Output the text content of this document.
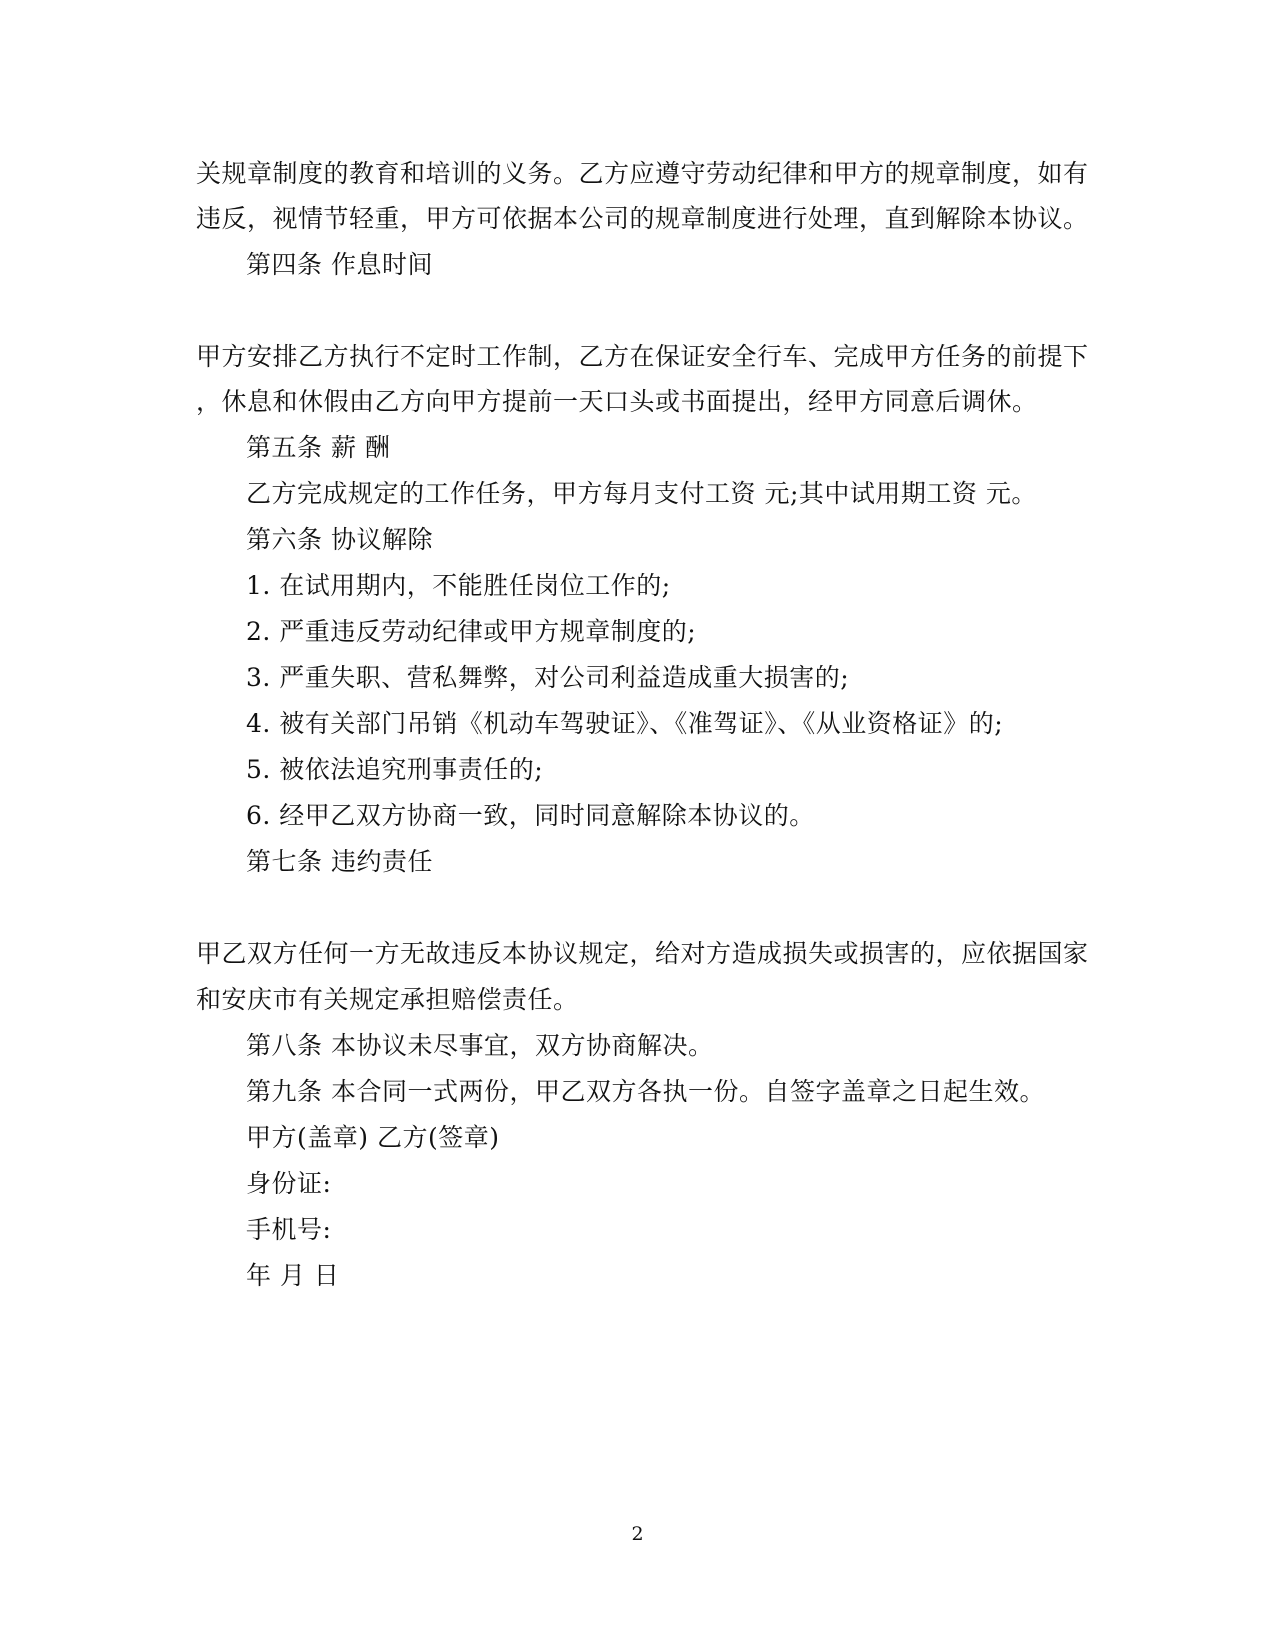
关规章制度的教育和培训的义务。乙方应遵守劳动纪律和甲方的规章制度，如有
违反，视情节轻重，甲方可依据本公司的规章制度进行处理，直到解除本协议。
第四条 作息时间
甲方安排乙方执行不定时工作制，乙方在保证安全行车、完成甲方任务的前提下
，休息和休假由乙方向甲方提前一天口头或书面提出，经甲方同意后调休。
第五条 薪 酬
乙方完成规定的工作任务，甲方每月支付工资 元;其中试用期工资 元。
第六条 协议解除
1. 在试用期内，不能胜任岗位工作的;
2. 严重违反劳动纪律或甲方规章制度的;
3. 严重失职、营私舞弊，对公司利益造成重大损害的;
4. 被有关部门吊销《机动车驾驶证》、《准驾证》、《从业资格证》的;
5. 被依法追究刑事责任的;
6. 经甲乙双方协商一致，同时同意解除本协议的。
第七条 违约责任
甲乙双方任何一方无故违反本协议规定，给对方造成损失或损害的，应依据国家
和安庆市有关规定承担赔偿责任。
第八条 本协议未尽事宜，双方协商解决。
第九条 本合同一式两份，甲乙双方各执一份。自签字盖章之日起生效。
甲方(盖章) 乙方(签章)
身份证:
手机号:
年 月 日
2
